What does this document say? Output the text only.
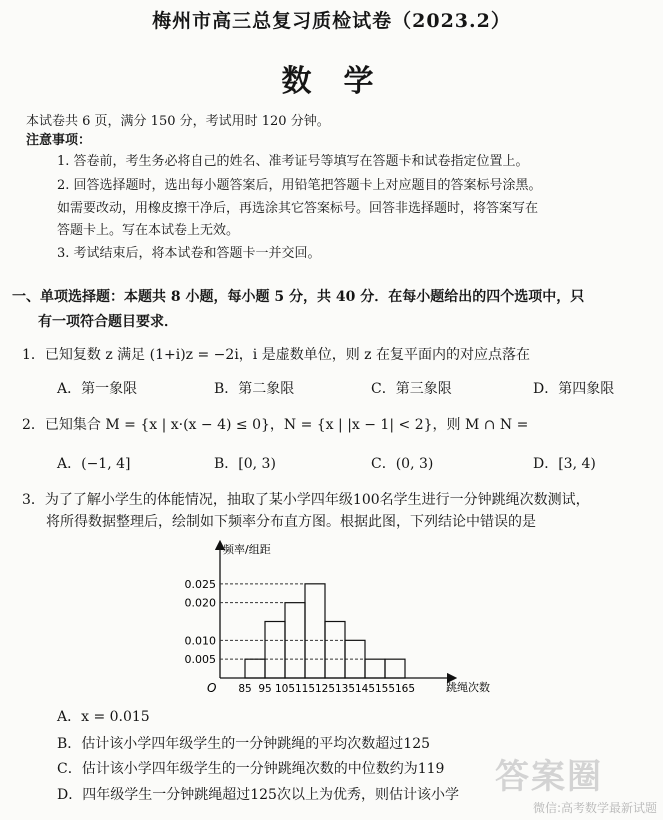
梅州市高三总复习质检试卷（2023.2）
数学
本试卷共 6 页，满分 150 分，考试用时 120 分钟。
注意事项：
1. 答卷前，考生务必将自己的姓名、准考证号等填写在答题卡和试卷指定位置上。
2. 回答选择题时，选出每小题答案后，用铅笔把答题卡上对应题目的答案标号涂黑。
如需要改动，用橡皮擦干净后，再选涂其它答案标号。回答非选择题时，将答案写在
答题卡上。写在本试卷上无效。
3. 考试结束后，将本试卷和答题卡一并交回。
一、单项选择题：本题共 8 小题，每小题 5 分，共 40 分．在每小题给出的四个选项中，只
有一项符合题目要求．
1．已知复数 z 满足 (1+i)z = −2i，i 是虚数单位，则 z 在复平面内的对应点落在
A．第一象限	B．第二象限	C．第三象限	D．第四象限
2．已知集合 M = {x | x·(x − 4) ≤ 0}，N = {x | |x − 1| < 2}，则 M ∩ N =
A．(−1, 4]	B．[0, 3)	C．(0, 3)	D．[3, 4)
3．为了了解小学生的体能情况，抽取了某小学四年级100名学生进行一分钟跳绳次数测试，
将所得数据整理后，绘制如下频率分布直方图。根据此图，下列结论中错误的是
0.025
0.020
0.010
0.005
85 95 105 115 125 135 145 155 165
频率/组距
跳绳次数
O
A．x = 0.015
B．估计该小学四年级学生的一分钟跳绳的平均次数超过125
C．估计该小学四年级学生的一分钟跳绳次数的中位数约为119
D．四年级学生一分钟跳绳超过125次以上为优秀，则估计该小学 答案圈
微信:高考数学最新试题
